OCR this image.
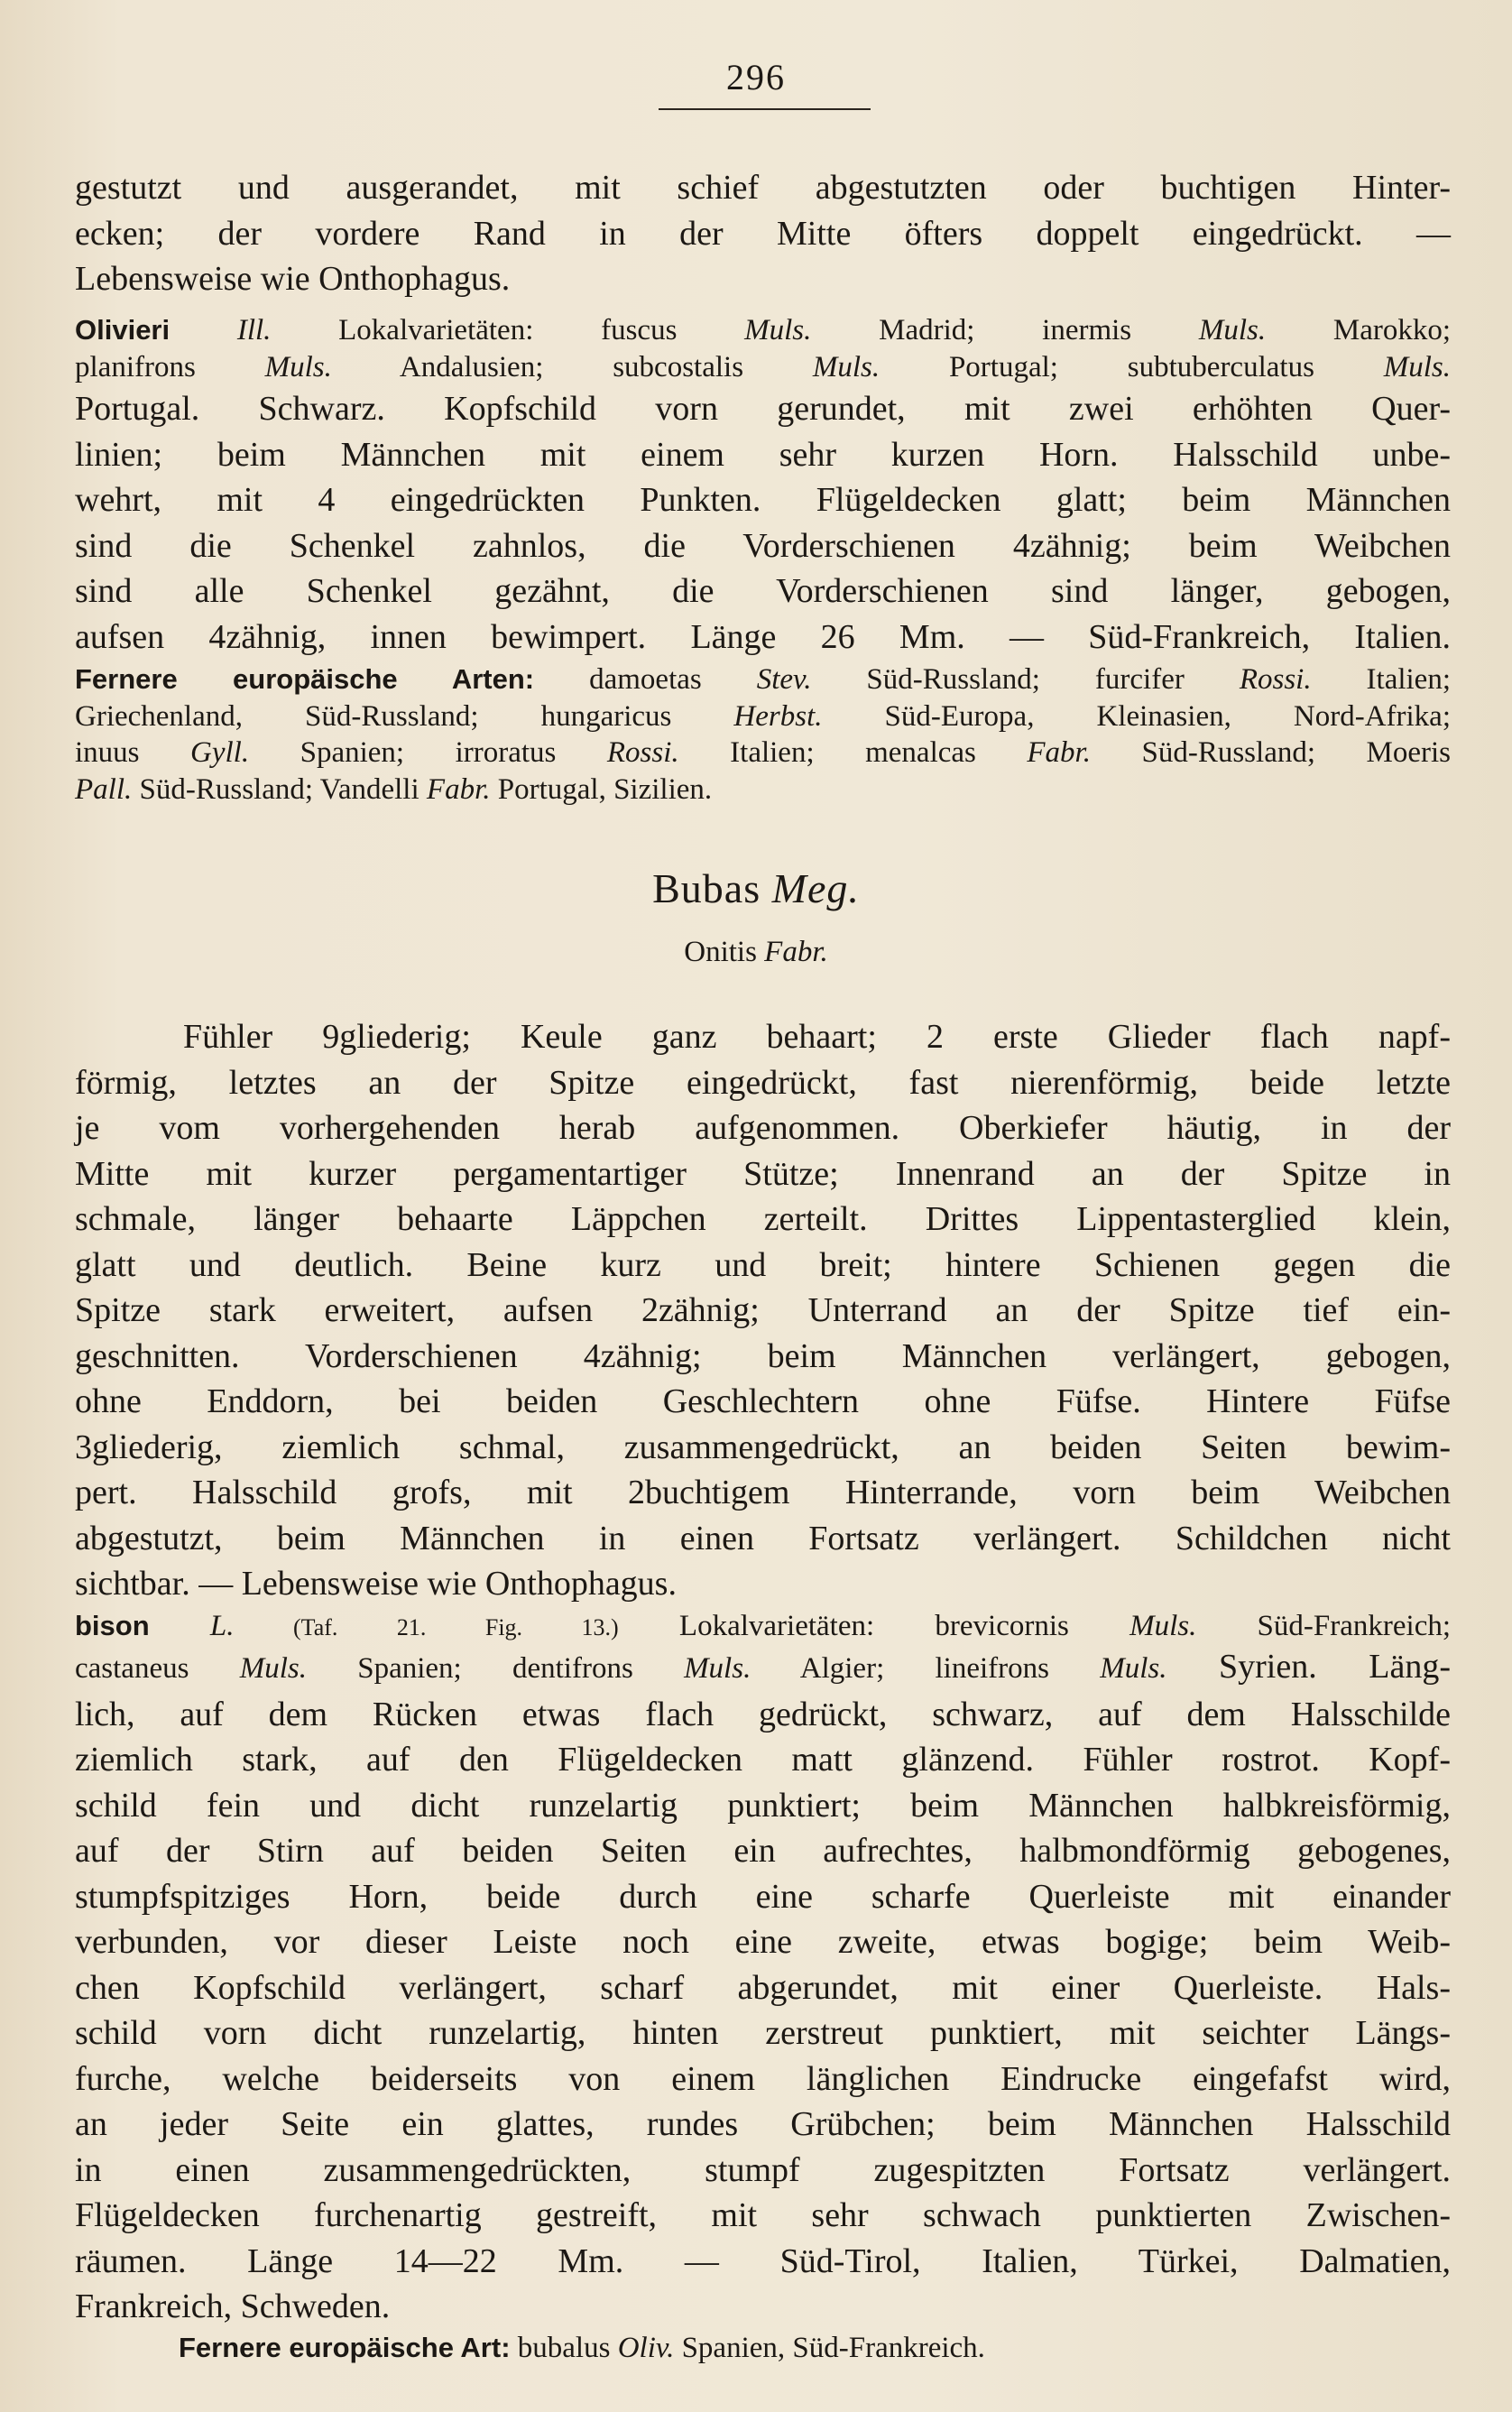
296
gestutzt und ausgerandet, mit schief abgestutzten oder buchtigen Hinter-
ecken; der vordere Rand in der Mitte öfters doppelt eingedrückt. —
Lebensweise wie Onthophagus.
Olivieri Ill. Lokalvarietäten: fuscus Muls. Madrid; inermis Muls. Marokko;
planifrons Muls. Andalusien; subcostalis Muls. Portugal; subtuberculatus Muls.
Portugal. Schwarz. Kopfschild vorn gerundet, mit zwei erhöhten Quer-
linien; beim Männchen mit einem sehr kurzen Horn. Halsschild unbe-
wehrt, mit 4 eingedrückten Punkten. Flügeldecken glatt; beim Männchen
sind die Schenkel zahnlos, die Vorderschienen 4zähnig; beim Weibchen
sind alle Schenkel gezähnt, die Vorderschienen sind länger, gebogen,
aufsen 4zähnig, innen bewimpert. Länge 26 Mm. — Süd-Frankreich, Italien.
Fernere europäische Arten: damoetas Stev. Süd-Russland; furcifer Rossi. Italien;
Griechenland, Süd-Russland; hungaricus Herbst. Süd-Europa, Kleinasien, Nord-Afrika;
inuus Gyll. Spanien; irroratus Rossi. Italien; menalcas Fabr. Süd-Russland; Moeris
Pall. Süd-Russland; Vandelli Fabr. Portugal, Sizilien.
Bubas Meg.
Onitis Fabr.
Fühler 9gliederig; Keule ganz behaart; 2 erste Glieder flach napf-
förmig, letztes an der Spitze eingedrückt, fast nierenförmig, beide letzte
je vom vorhergehenden herab aufgenommen. Oberkiefer häutig, in der
Mitte mit kurzer pergamentartiger Stütze; Innenrand an der Spitze in
schmale, länger behaarte Läppchen zerteilt. Drittes Lippentasterglied klein,
glatt und deutlich. Beine kurz und breit; hintere Schienen gegen die
Spitze stark erweitert, aufsen 2zähnig; Unterrand an der Spitze tief ein-
geschnitten. Vorderschienen 4zähnig; beim Männchen verlängert, gebogen,
ohne Enddorn, bei beiden Geschlechtern ohne Füfse. Hintere Füfse
3gliederig, ziemlich schmal, zusammengedrückt, an beiden Seiten bewim-
pert. Halsschild grofs, mit 2buchtigem Hinterrande, vorn beim Weibchen
abgestutzt, beim Männchen in einen Fortsatz verlängert. Schildchen nicht
sichtbar. — Lebensweise wie Onthophagus.
bison L. (Taf. 21. Fig. 13.) Lokalvarietäten: brevicornis Muls. Süd-Frankreich;
castaneus Muls. Spanien; dentifrons Muls. Algier; lineifrons Muls. Syrien. Läng-
lich, auf dem Rücken etwas flach gedrückt, schwarz, auf dem Halsschilde
ziemlich stark, auf den Flügeldecken matt glänzend. Fühler rostrot. Kopf-
schild fein und dicht runzelartig punktiert; beim Männchen halbkreisförmig,
auf der Stirn auf beiden Seiten ein aufrechtes, halbmondförmig gebogenes,
stumpfspitziges Horn, beide durch eine scharfe Querleiste mit einander
verbunden, vor dieser Leiste noch eine zweite, etwas bogige; beim Weib-
chen Kopfschild verlängert, scharf abgerundet, mit einer Querleiste. Hals-
schild vorn dicht runzelartig, hinten zerstreut punktiert, mit seichter Längs-
furche, welche beiderseits von einem länglichen Eindrucke eingefafst wird,
an jeder Seite ein glattes, rundes Grübchen; beim Männchen Halsschild
in einen zusammengedrückten, stumpf zugespitzten Fortsatz verlängert.
Flügeldecken furchenartig gestreift, mit sehr schwach punktierten Zwischen-
räumen. Länge 14—22 Mm. — Süd-Tirol, Italien, Türkei, Dalmatien,
Frankreich, Schweden.
Fernere europäische Art: bubalus Oliv. Spanien, Süd-Frankreich.
